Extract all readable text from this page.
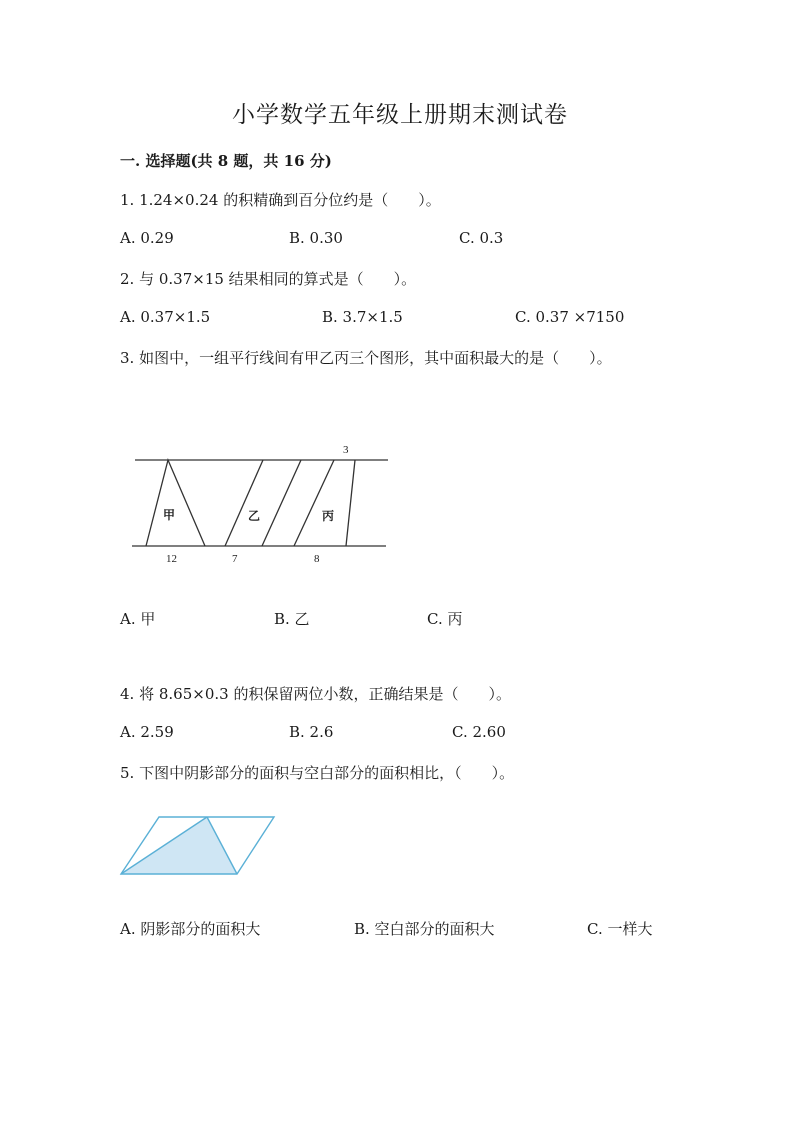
小学数学五年级上册期末测试卷
一. 选择题(共 8 题，共 16 分)
1. 1.24×0.24 的积精确到百分位约是（　　）。
A. 0.29	B. 0.30	C. 0.3
2. 与 0.37×15 结果相同的算式是（　　）。
A. 0.37×1.5	B. 3.7×1.5	C. 0.37 ×7150
3. 如图中，一组平行线间有甲乙丙三个图形，其中面积最大的是（　　）。
甲	乙	丙
3
12	7	8
A. 甲	B. 乙	C. 丙
4. 将 8.65×0.3 的积保留两位小数，正确结果是（　　）。
A. 2.59	B. 2.6	C. 2.60
5. 下图中阴影部分的面积与空白部分的面积相比，（　　）。
A. 阴影部分的面积大	B. 空白部分的面积大	C. 一样大
